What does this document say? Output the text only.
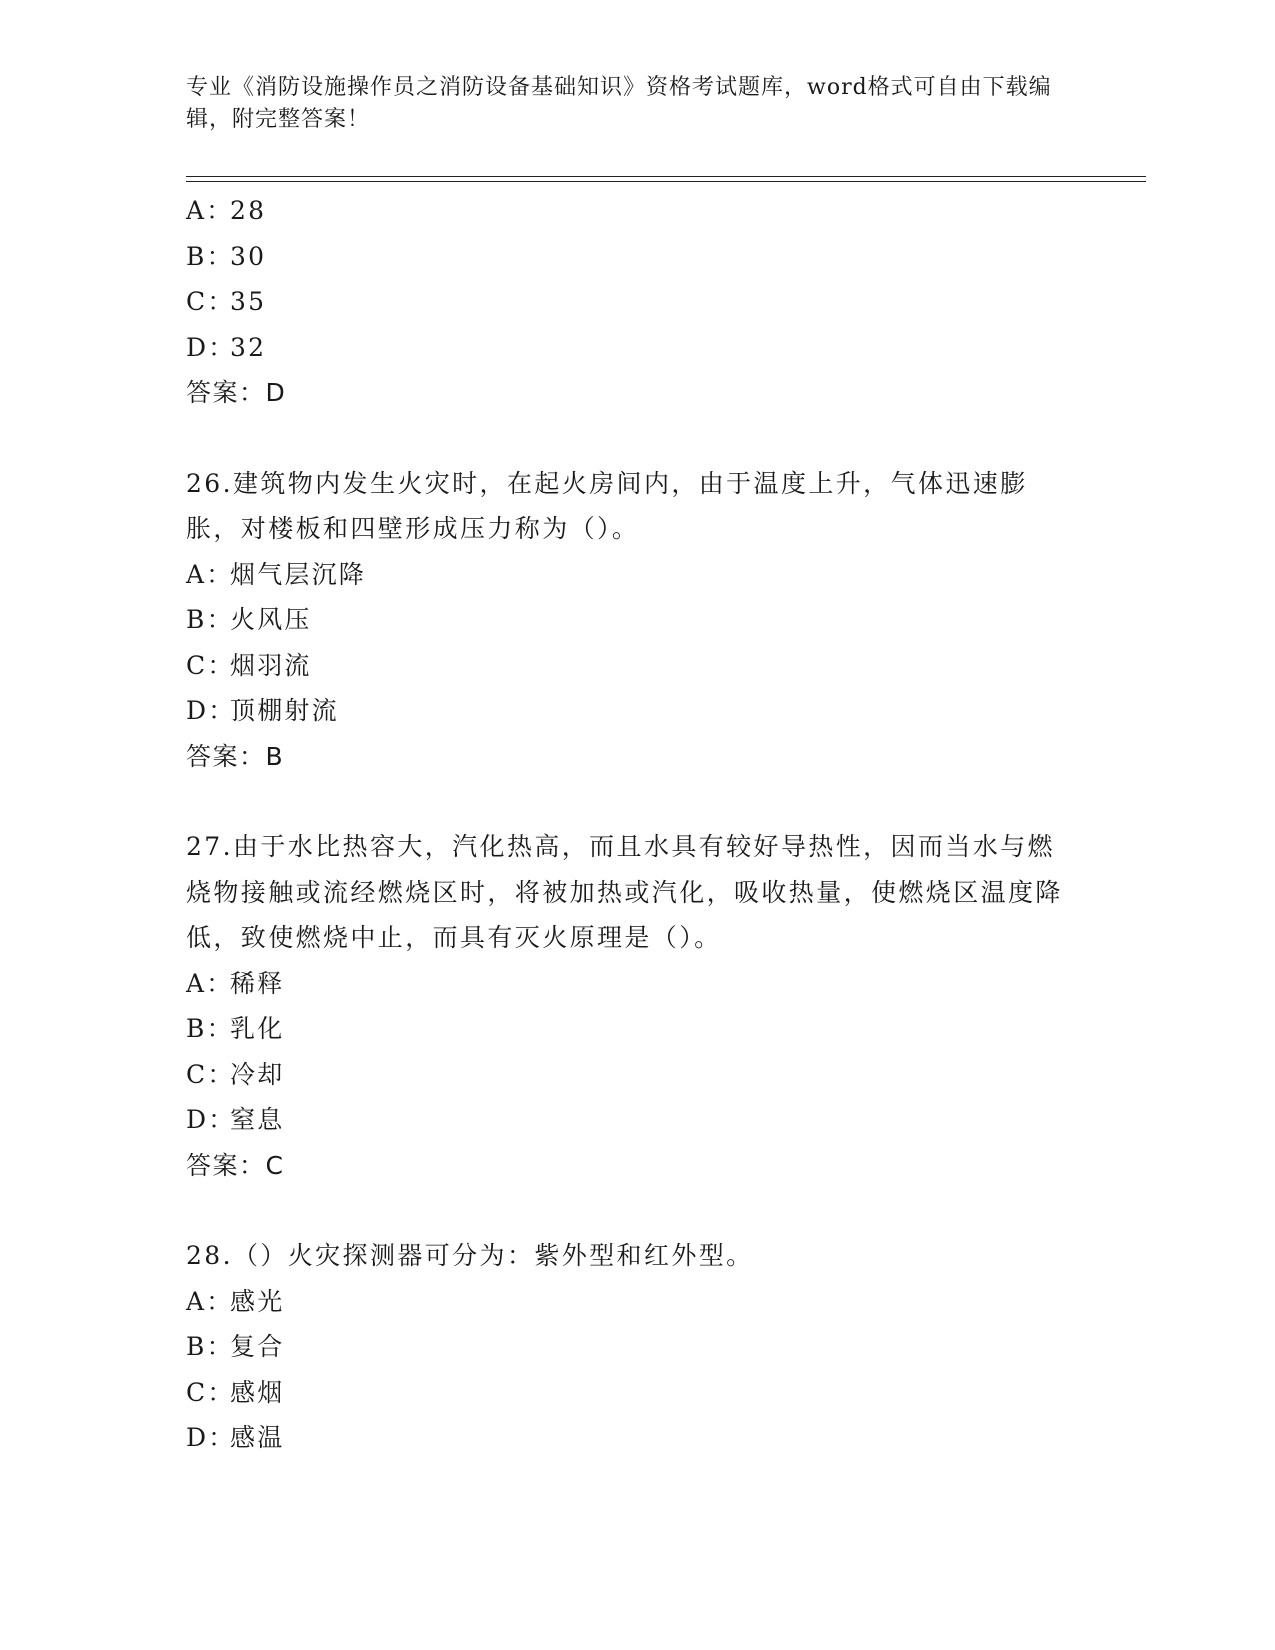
专业《消防设施操作员之消防设备基础知识》资格考试题库，word格式可自由下载编辑，附完整答案！
A：28
B：30
C：35
D：32
答案：D
26.建筑物内发生火灾时，在起火房间内，由于温度上升，气体迅速膨胀，对楼板和四壁形成压力称为（）。
A：烟气层沉降
B：火风压
C：烟羽流
D：顶棚射流
答案：B
27.由于水比热容大，汽化热高，而且水具有较好导热性，因而当水与燃烧物接触或流经燃烧区时，将被加热或汽化，吸收热量，使燃烧区温度降低，致使燃烧中止，而具有灭火原理是（）。
A：稀释
B：乳化
C：冷却
D：窒息
答案：C
28.（）火灾探测器可分为：紫外型和红外型。
A：感光
B：复合
C：感烟
D：感温
